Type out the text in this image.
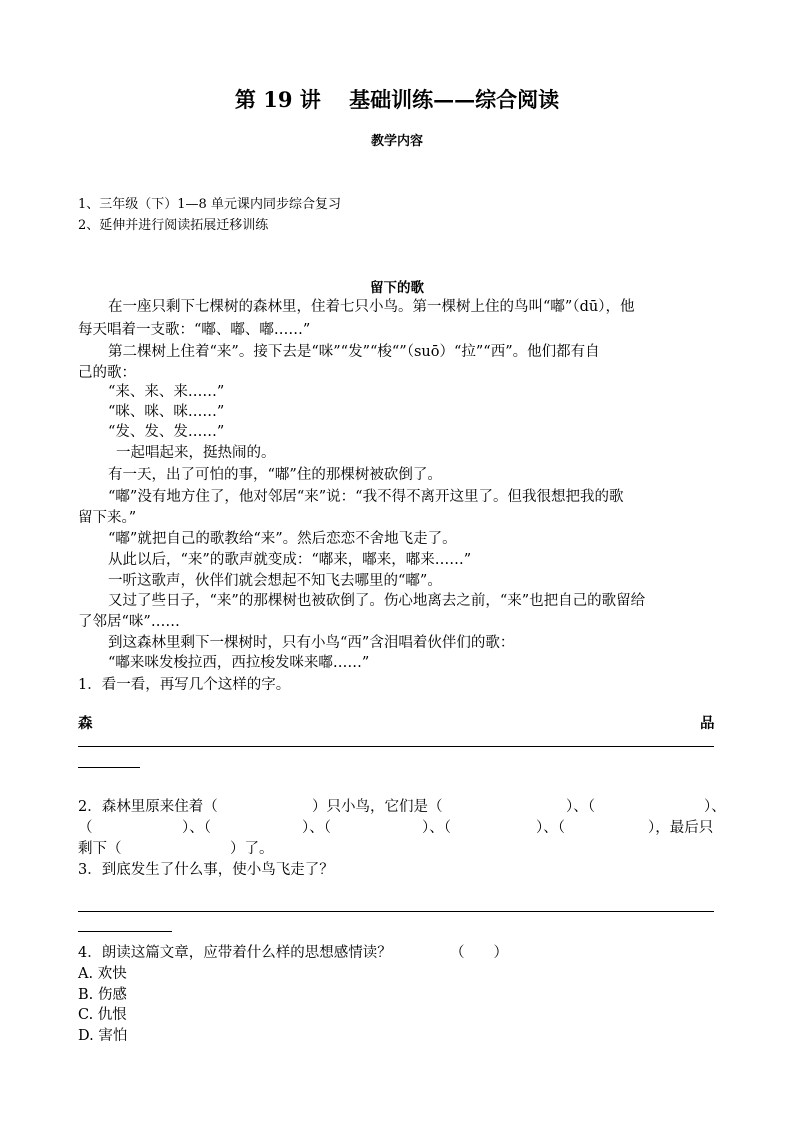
第 19 讲　 基础训练——综合阅读
教学内容
1、三年级（下）1—8 单元课内同步综合复习
2、延伸并进行阅读拓展迁移训练
留下的歌
在一座只剩下七棵树的森林里，住着七只小鸟。第一棵树上住的鸟叫“嘟”（dū），他
每天唱着一支歌：“嘟、嘟、嘟……”
第二棵树上住着“来”。接下去是“咪”“发”“梭“”（suō）“拉”“西”。他们都有自
己的歌：
“来、来、来……”
“咪、咪、咪……”
“发、发、发……”
一起唱起来，挺热闹的。
有一天，出了可怕的事，“嘟”住的那棵树被砍倒了。
“嘟”没有地方住了，他对邻居“来”说：“我不得不离开这里了。但我很想把我的歌
留下来。”
“嘟”就把自己的歌教给“来”。然后恋恋不舍地飞走了。
从此以后，“来”的歌声就变成：“嘟来，嘟来，嘟来……”
一听这歌声，伙伴们就会想起不知飞去哪里的“嘟”。
又过了些日子，“来”的那棵树也被砍倒了。伤心地离去之前，“来”也把自己的歌留给
了邻居“咪”……
到这森林里剩下一棵树时，只有小鸟“西”含泪唱着伙伴们的歌：
“嘟来咪发梭拉西，西拉梭发咪来嘟……”
1．看一看，再写几个这样的字。
森	品
2．森林里原来住着（	）只小鸟，它们是（	）、（	）、
（	）、（	）、（	）、（	）、（	），最后只
剩下（	）了。
3．到底发生了什么事，使小鸟飞走了？
4．朗读这篇文章，应带着什么样的思想感情读？	（　　）
A. 欢快
B. 伤感
C. 仇恨
D. 害怕
